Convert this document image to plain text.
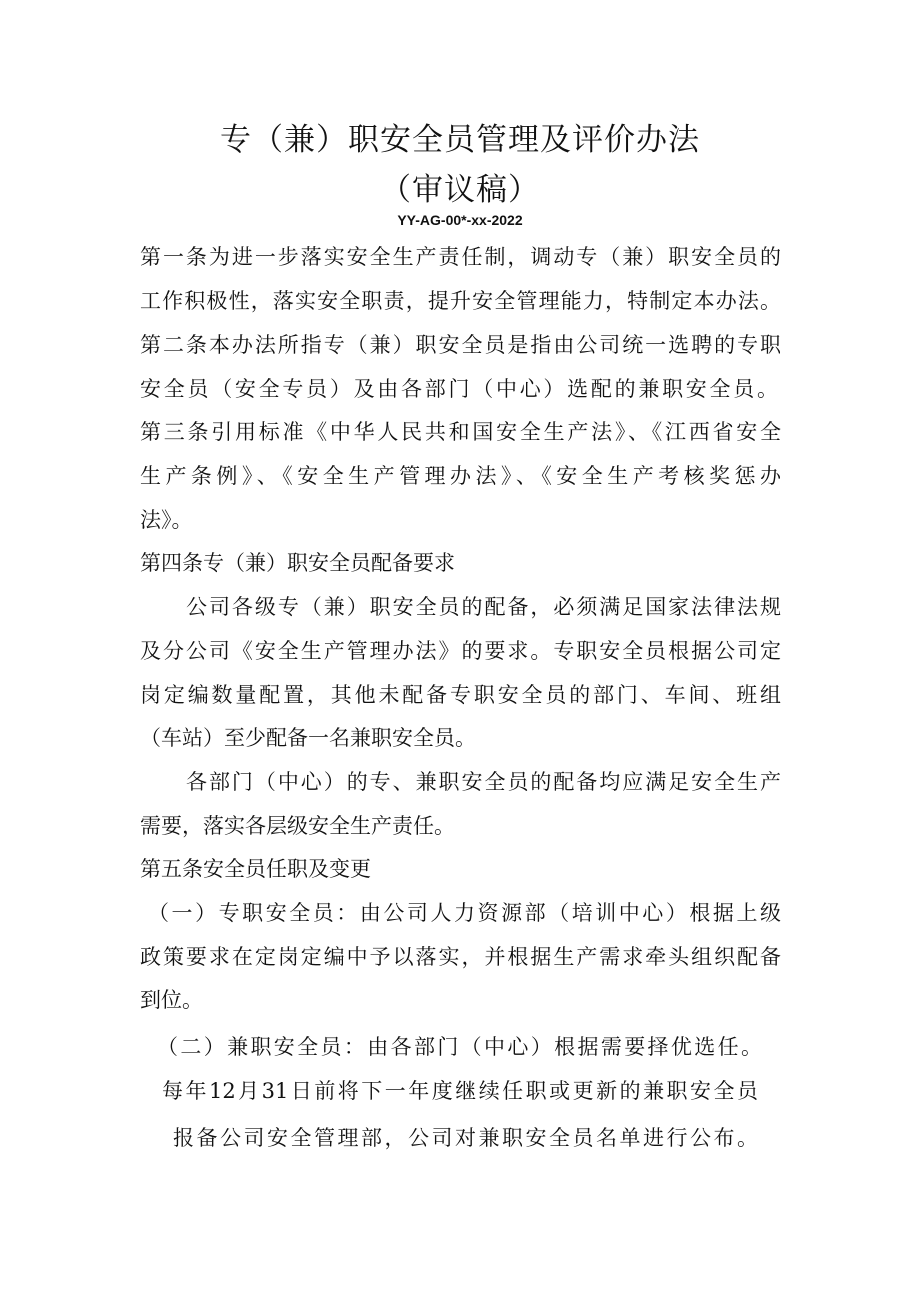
专（兼）职安全员管理及评价办法
（审议稿）
YY-AG-00*-xx-2022
第一条为进一步落实安全生产责任制，调动专（兼）职安全员的
工作积极性，落实安全职责，提升安全管理能力，特制定本办法。
第二条本办法所指专（兼）职安全员是指由公司统一选聘的专职
安全员（安全专员）及由各部门（中心）选配的兼职安全员。
第三条引用标准《中华人民共和国安全生产法》、《江西省安全
生产条例》、《安全生产管理办法》、《安全生产考核奖惩办
法》。
第四条专（兼）职安全员配备要求
公司各级专（兼）职安全员的配备，必须满足国家法律法规
及分公司《安全生产管理办法》的要求。专职安全员根据公司定
岗定编数量配置，其他未配备专职安全员的部门、车间、班组
（车站）至少配备一名兼职安全员。
各部门（中心）的专、兼职安全员的配备均应满足安全生产
需要，落实各层级安全生产责任。
第五条安全员任职及变更
（一）专职安全员：由公司人力资源部（培训中心）根据上级
政策要求在定岗定编中予以落实，并根据生产需求牵头组织配备
到位。
（二）兼职安全员：由各部门（中心）根据需要择优选任。
每年12月31日前将下一年度继续任职或更新的兼职安全员
报备公司安全管理部，公司对兼职安全员名单进行公布。
